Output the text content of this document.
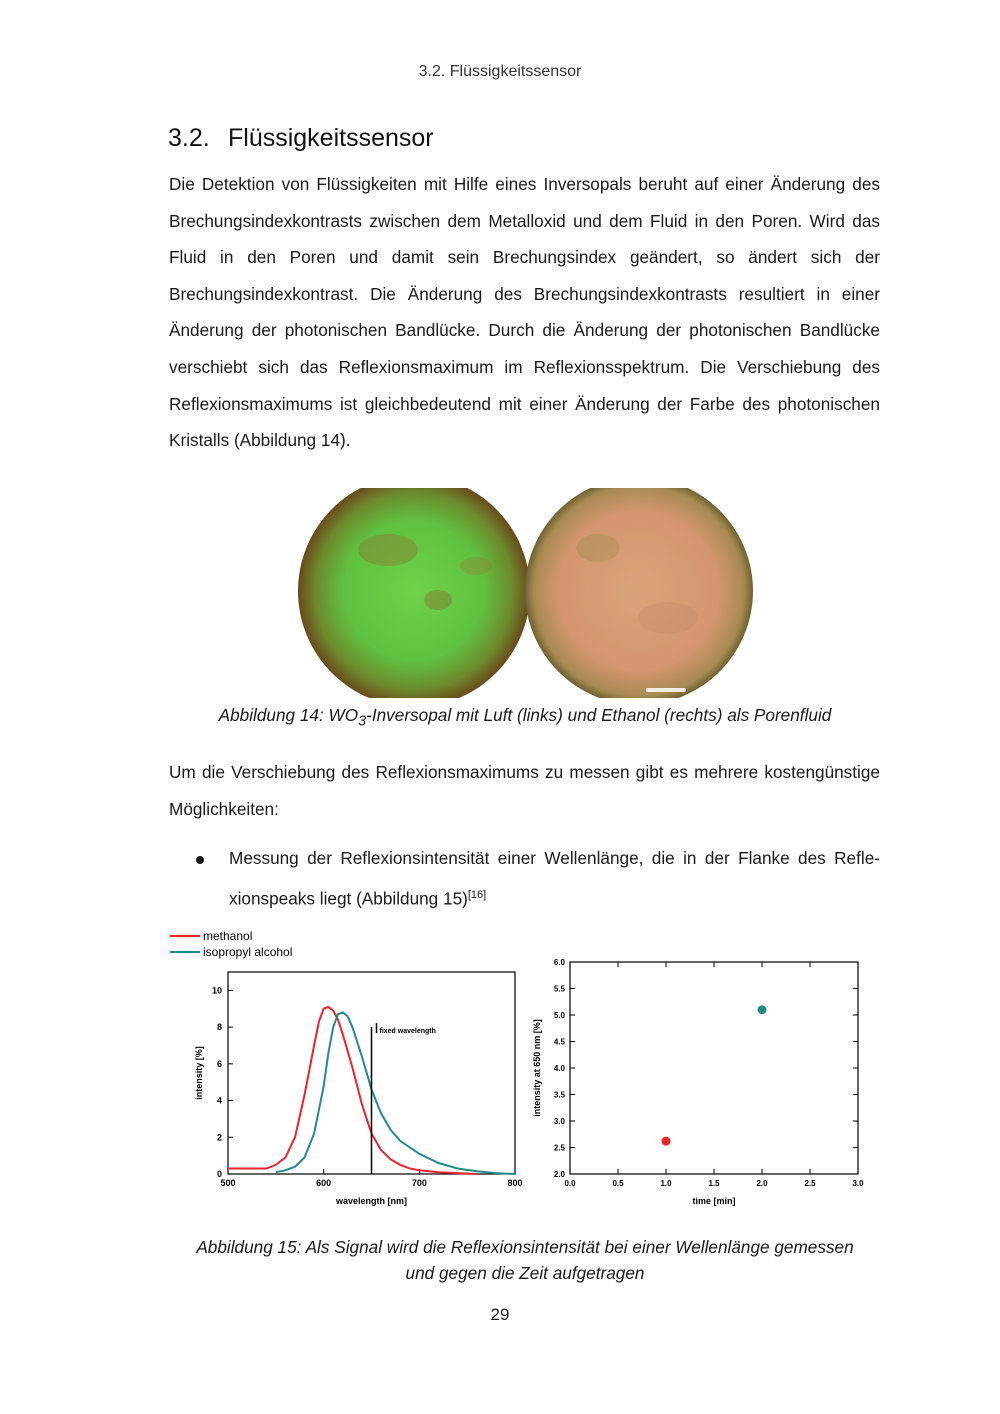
3.2. Flüssigkeitssensor
3.2. Flüssigkeitssensor

Die Detektion von Flüssigkeiten mit Hilfe eines Inversopals beruht auf einer Änderung des Brechungsindexkontrasts zwischen dem Metalloxid und dem Fluid in den Poren. Wird das Fluid in den Poren und damit sein Brechungsindex geändert, so ändert sich der Brechungsindexkontrast. Die Änderung des Brechungsindexkontrasts resultiert in einer Änderung der photonischen Bandlücke. Durch die Änderung der photonischen Bandlücke verschiebt sich das Reflexionsmaximum im Reflexionsspektrum. Die Verschiebung des Reflexionsmaximums ist gleichbedeutend mit einer Änderung der Farbe des photonischen Kristalls (Abbildung 14).

Abbildung 14: $WO_3$-Inversopal mit Luft (links) und Ethanol (rechts) als Porenfluid

Um die Verschiebung des Reflexionsmaximums zu messen gibt es mehrere kostengünstige Möglichkeiten:

Messung der Reflexionsintensität einer Wellenlänge, die in der Flanke des Reflexionspeaks liegt (Abbildung 15)[16]
500	600	700	800
0
2
4
6
8
10
wavelength [nm]
intensity [%]
methanol
isopropyl alcohol
fixed wavelength
0.0	0.5	1.0	1.5	2.0	2.5	3.0
2.0
2.5
3.0
3.5
4.0
4.5
5.0
5.5
6.0
time [min]
intensity at 650 nm [%]

Abbildung 15: Als Signal wird die Reflexionsintensität bei einer Wellenlänge gemessen
und gegen die Zeit aufgetragen

29
